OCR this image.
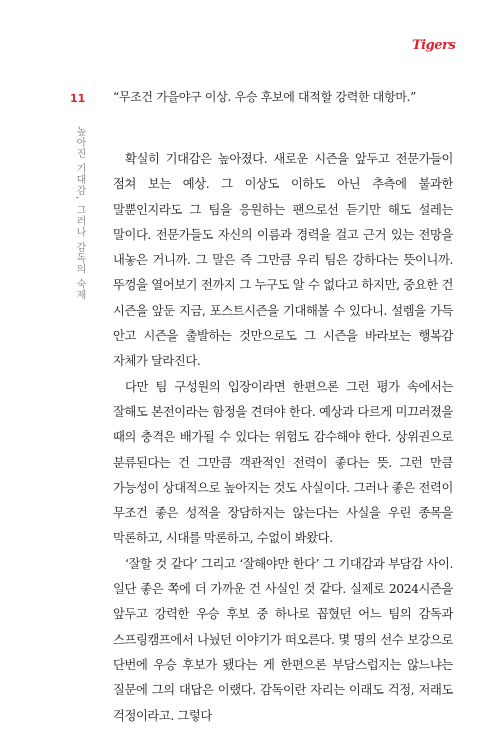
Tigers
11
높아진 기대감, 그러나 감독의 숙제
“무조건 가을야구 이상. 우승 후보에 대적할 강력한 대항마.”

확실히 기대감은 높아졌다. 새로운 시즌을 앞두고 전문가들이 점쳐 보는 예상. 그 이상도 이하도 아닌 추측에 불과한 말뿐인지라도 그 팀을 응원하는 팬으로선 듣기만 해도 설레는 말이다. 전문가들도 자신의 이름과 경력을 걸고 근거 있는 전망을 내놓은 거니까. 그 말은 즉 그만큼 우리 팀은 강하다는 뜻이니까. 뚜껑을 열어보기 전까지 그 누구도 알 수 없다고 하지만, 중요한 건 시즌을 앞둔 지금, 포스트시즌을 기대해볼 수 있다니. 설렘을 가득 안고 시즌을 출발하는 것만으로도 그 시즌을 바라보는 행복감 자체가 달라진다.

다만 팀 구성원의 입장이라면 한편으론 그런 평가 속에서는 잘해도 본전이라는 함정을 견뎌야 한다. 예상과 다르게 미끄러졌을 때의 충격은 배가될 수 있다는 위험도 감수해야 한다. 상위권으로 분류된다는 건 그만큼 객관적인 전력이 좋다는 뜻. 그런 만큼 가능성이 상대적으로 높아지는 것도 사실이다. 그러나 좋은 전력이 무조건 좋은 성적을 장담하지는 않는다는 사실을 우린 종목을 막론하고, 시대를 막론하고, 수없이 봐왔다.

‘잘할 것 같다’ 그리고 ‘잘해야만 한다’ 그 기대감과 부담감 사이. 일단 좋은 쪽에 더 가까운 건 사실인 것 같다. 실제로 2024시즌을 앞두고 강력한 우승 후보 중 하나로 꼽혔던 어느 팀의 감독과 스프링캠프에서 나눴던 이야기가 떠오른다. 몇 명의 선수 보강으로 단번에 우승 후보가 됐다는 게 한편으론 부담스럽지는 않느냐는 질문에 그의 대답은 이랬다. 감독이란 자리는 이래도 걱정, 저래도 걱정이라고. 그렇다
